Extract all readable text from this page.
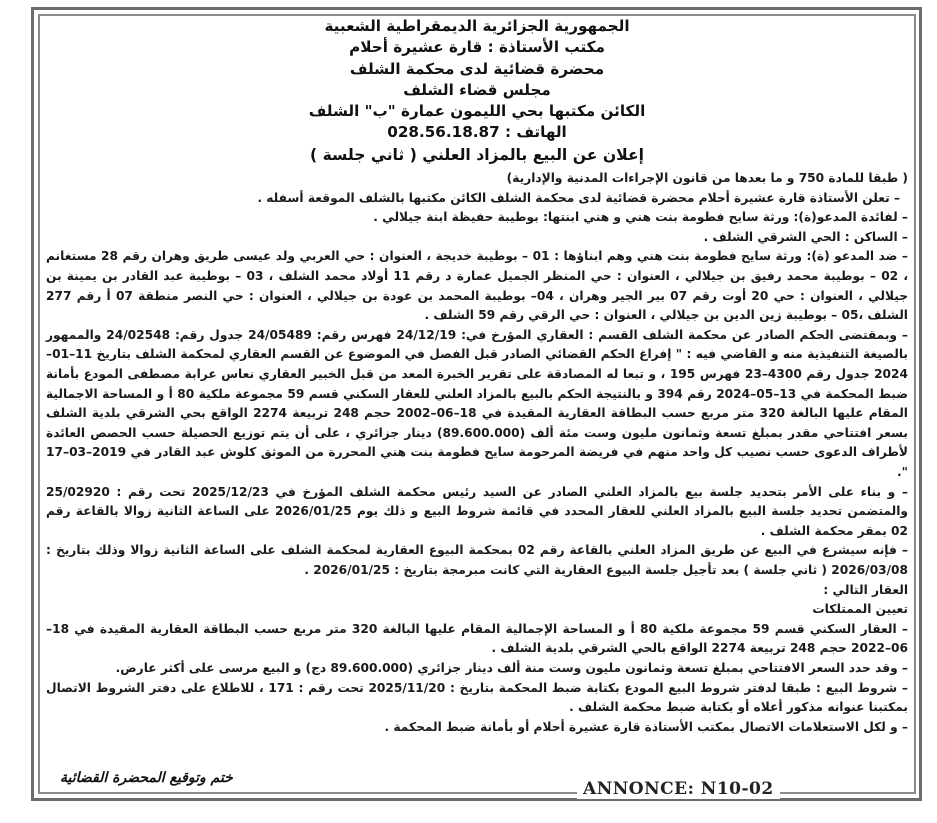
الجمهورية الجزائرية الديمقراطية الشعبية
مكتب الأستاذة : قارة عشيرة أحلام
محضرة قضائية لدى محكمة الشلف
مجلس قضاء الشلف
الكائن مكتبها بحي الليمون عمارة "ب" الشلف
الهاتف : 028.56.18.87
إعلان عن البيع بالمزاد العلني ( ثاني جلسة )

( طبقا للمادة 750 و ما بعدها من قانون الإجراءات المدنية والإدارية)

– تعلن الأستاذة قارة عشيرة أحلام محضرة قضائية لدى محكمة الشلف الكائن مكتبها بالشلف الموقعة أسفله .

– لفائدة المدعو(ة): ورثة سايح فطومة بنت هني و هني ابنتها: بوطيبة حفيظة ابنة جيلالي .

– الساكن : الحي الشرقي الشلف .

– ضد المدعو (ة): ورثة سايح فطومة بنت هني وهم ابناؤها : 01 – بوطيبة خديجة ، العنوان : حي العربي ولد عيسى طريق وهران رقم 28 مستغانم ، 02 – بوطيبة محمد رفيق بن جيلالي ، العنوان : حي المنظر الجميل عمارة د رقم 11 أولاد محمد الشلف ، 03 – بوطيبة عبد القادر بن يمينة بن جيلالي ، العنوان : حي 20 أوت رقم 07 بير الجير وهران ، 04– بوطيبة المحمد بن عودة بن جيلالي ، العنوان : حي النصر منطقة 07 أ رقم 277 الشلف ،05 – بوطيبة زين الدين بن جيلالي ، العنوان : حي الرقي رقم 59 الشلف .

– وبمقتضى الحكم الصادر عن محكمة الشلف القسم : العقاري المؤرخ في: 24/12/19 فهرس رقم: 24/05489 جدول رقم: 24/02548 والممهور بالصيغة التنفيذية منه و القاضي فيه : " إفراغ الحكم القضائي الصادر قبل الفصل في الموضوع عن القسم العقاري لمحكمة الشلف بتاريخ 11–01–2024 جدول رقم 4300–23 فهرس 195 ، و تبعا له المصادقة على تقرير الخبرة المعد من قبل الخبير العقاري نعاس عرابة مصطفى المودع بأمانة ضبط المحكمة في 13–05–2024 رقم 394 و بالنتيجة الحكم بالبيع بالمزاد العلني للعقار السكني قسم 59 مجموعة ملكية 80 أ و المساحة الاجمالية المقام عليها البالغة 320 متر مربع حسب البطاقة العقارية المقيدة في 18–06–2002 حجم 248 تربيعة 2274 الواقع بحي الشرقي بلدية الشلف بسعر افتتاحي مقدر بمبلغ تسعة وثمانون مليون وست مئة ألف (89.600.000) دينار جزائري ، على أن يتم توزيع الحصيلة حسب الحصص العائدة لأطراف الدعوى حسب نصيب كل واحد منهم في فريضة المرحومة سايح فطومة بنت هني المحررة من الموثق كلوش عبد القادر في 2019–03–17 ".

– و بناء على الأمر بتحديد جلسة بيع بالمزاد العلني الصادر عن السيد رئيس محكمة الشلف المؤرخ في 2025/12/23 تحت رقم : 25/02920 والمتضمن تحديد جلسة البيع بالمزاد العلني للعقار المحدد في قائمة شروط البيع و ذلك يوم 2026/01/25 على الساعة الثانية زوالا بالقاعة رقم 02 بمقر محكمة الشلف .

– فإنه سيشرع في البيع عن طريق المزاد العلني بالقاعة رقم 02 بمحكمة البيوع العقارية لمحكمة الشلف على الساعة الثانية زوالا وذلك بتاريخ : 2026/03/08 ( ثاني جلسة ) بعد تأجيل جلسة البيوع العقارية التي كانت مبرمجة بتاريخ : 2026/01/25 .

العقار التالي :

تعيين الممتلكات

– العقار السكني قسم 59 مجموعة ملكية 80 أ و المساحة الإجمالية المقام عليها البالغة 320 متر مربع حسب البطاقة العقارية المقيدة في 18–06–2022 حجم 248 تربيعة 2274 الواقع بالحي الشرقي بلدية الشلف .

– وقد حدد السعر الافتتاحي بمبلغ تسعة وثمانون مليون وست منة ألف دينار جزائري (89.600.000 دج) و البيع مرسى على أكثر عارض.

– شروط البيع : طبقا لدفتر شروط البيع المودع بكتابة ضبط المحكمة بتاريخ : 2025/11/20 تحت رقم : 171 ، للاطلاع على دفتر الشروط الاتصال بمكتبنا عنوانه مذكور أعلاه أو بكتابة ضبط محكمة الشلف .

– و لكل الاستعلامات الاتصال بمكتب الأستاذة قارة عشيرة أحلام أو بأمانة ضبط المحكمة .

ختم وتوقيع المحضرة القضائية
ANNONCE: N10-02
